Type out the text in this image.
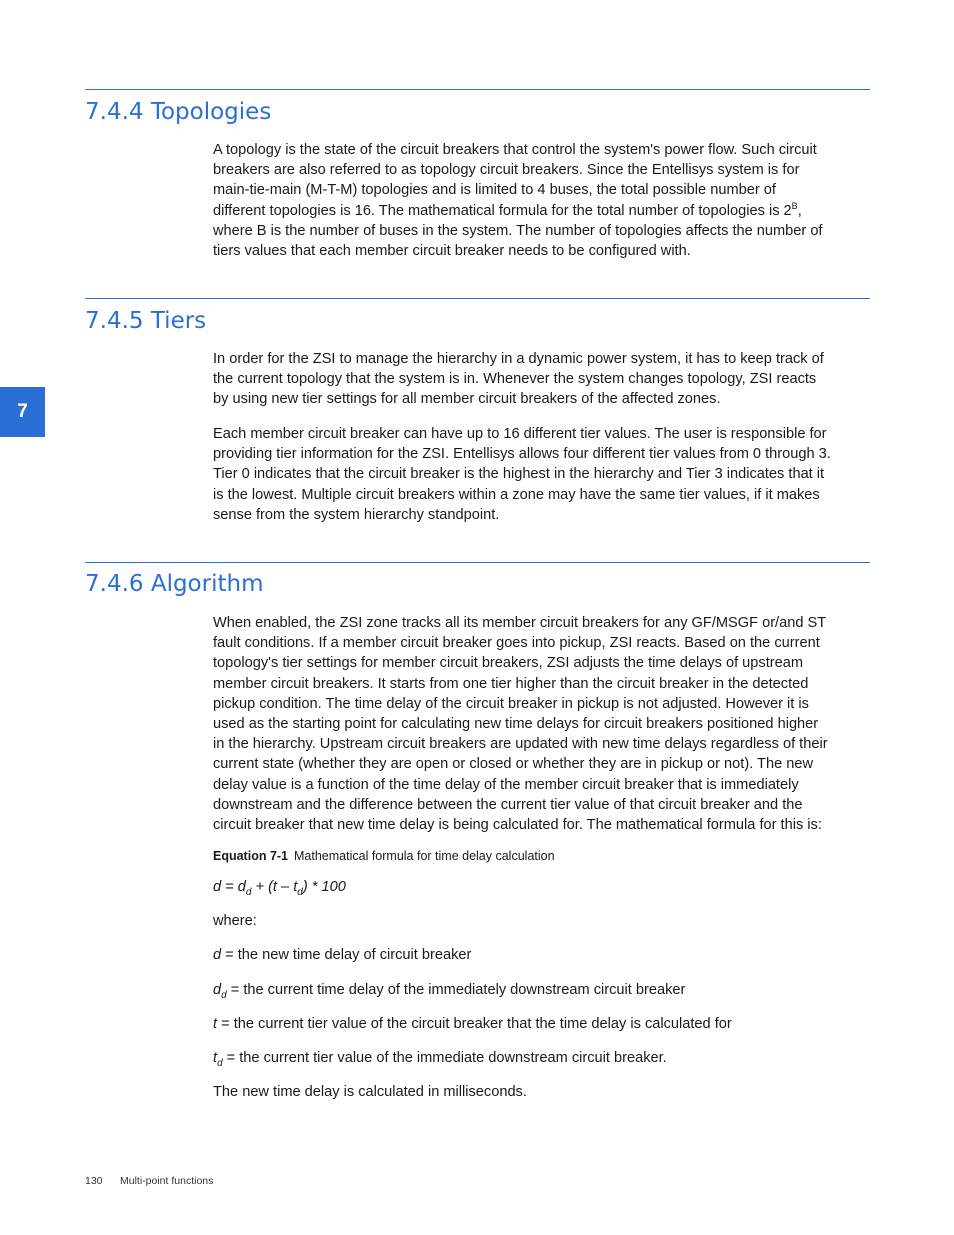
7
7.4.4 Topologies

A topology is the state of the circuit breakers that control the system's power flow. Such circuit
breakers are also referred to as topology circuit breakers. Since the Entellisys system is for
main-tie-main (M-T-M) topologies and is limited to 4 buses, the total possible number of
different topologies is 16. The mathematical formula for the total number of topologies is $2^B$,
where B is the number of buses in the system. The number of topologies affects the number of
tiers values that each member circuit breaker needs to be configured with.

7.4.5 Tiers

In order for the ZSI to manage the hierarchy in a dynamic power system, it has to keep track of
the current topology that the system is in. Whenever the system changes topology, ZSI reacts
by using new tier settings for all member circuit breakers of the affected zones.

Each member circuit breaker can have up to 16 different tier values. The user is responsible for
providing tier information for the ZSI. Entellisys allows four different tier values from 0 through 3.
Tier 0 indicates that the circuit breaker is the highest in the hierarchy and Tier 3 indicates that it
is the lowest. Multiple circuit breakers within a zone may have the same tier values, if it makes
sense from the system hierarchy standpoint.

7.4.6 Algorithm

When enabled, the ZSI zone tracks all its member circuit breakers for any GF/MSGF or/and ST
fault conditions. If a member circuit breaker goes into pickup, ZSI reacts. Based on the current
topology's tier settings for member circuit breakers, ZSI adjusts the time delays of upstream
member circuit breakers. It starts from one tier higher than the circuit breaker in the detected
pickup condition. The time delay of the circuit breaker in pickup is not adjusted. However it is
used as the starting point for calculating new time delays for circuit breakers positioned higher
in the hierarchy. Upstream circuit breakers are updated with new time delays regardless of their
current state (whether they are open or closed or whether they are in pickup or not). The new
delay value is a function of the time delay of the member circuit breaker that is immediately
downstream and the difference between the current tier value of that circuit breaker and the
circuit breaker that new time delay is being calculated for. The mathematical formula for this is:

Equation 7-1 Mathematical formula for time delay calculation
$d = d_d + (t - t_d) * 100$
where:
d = the new time delay of circuit breaker
$d_d$ = the current time delay of the immediately downstream circuit breaker
t = the current tier value of the circuit breaker that the time delay is calculated for
$t_d$ = the current tier value of the immediate downstream circuit breaker.
The new time delay is calculated in milliseconds.
130 Multi-point functions
